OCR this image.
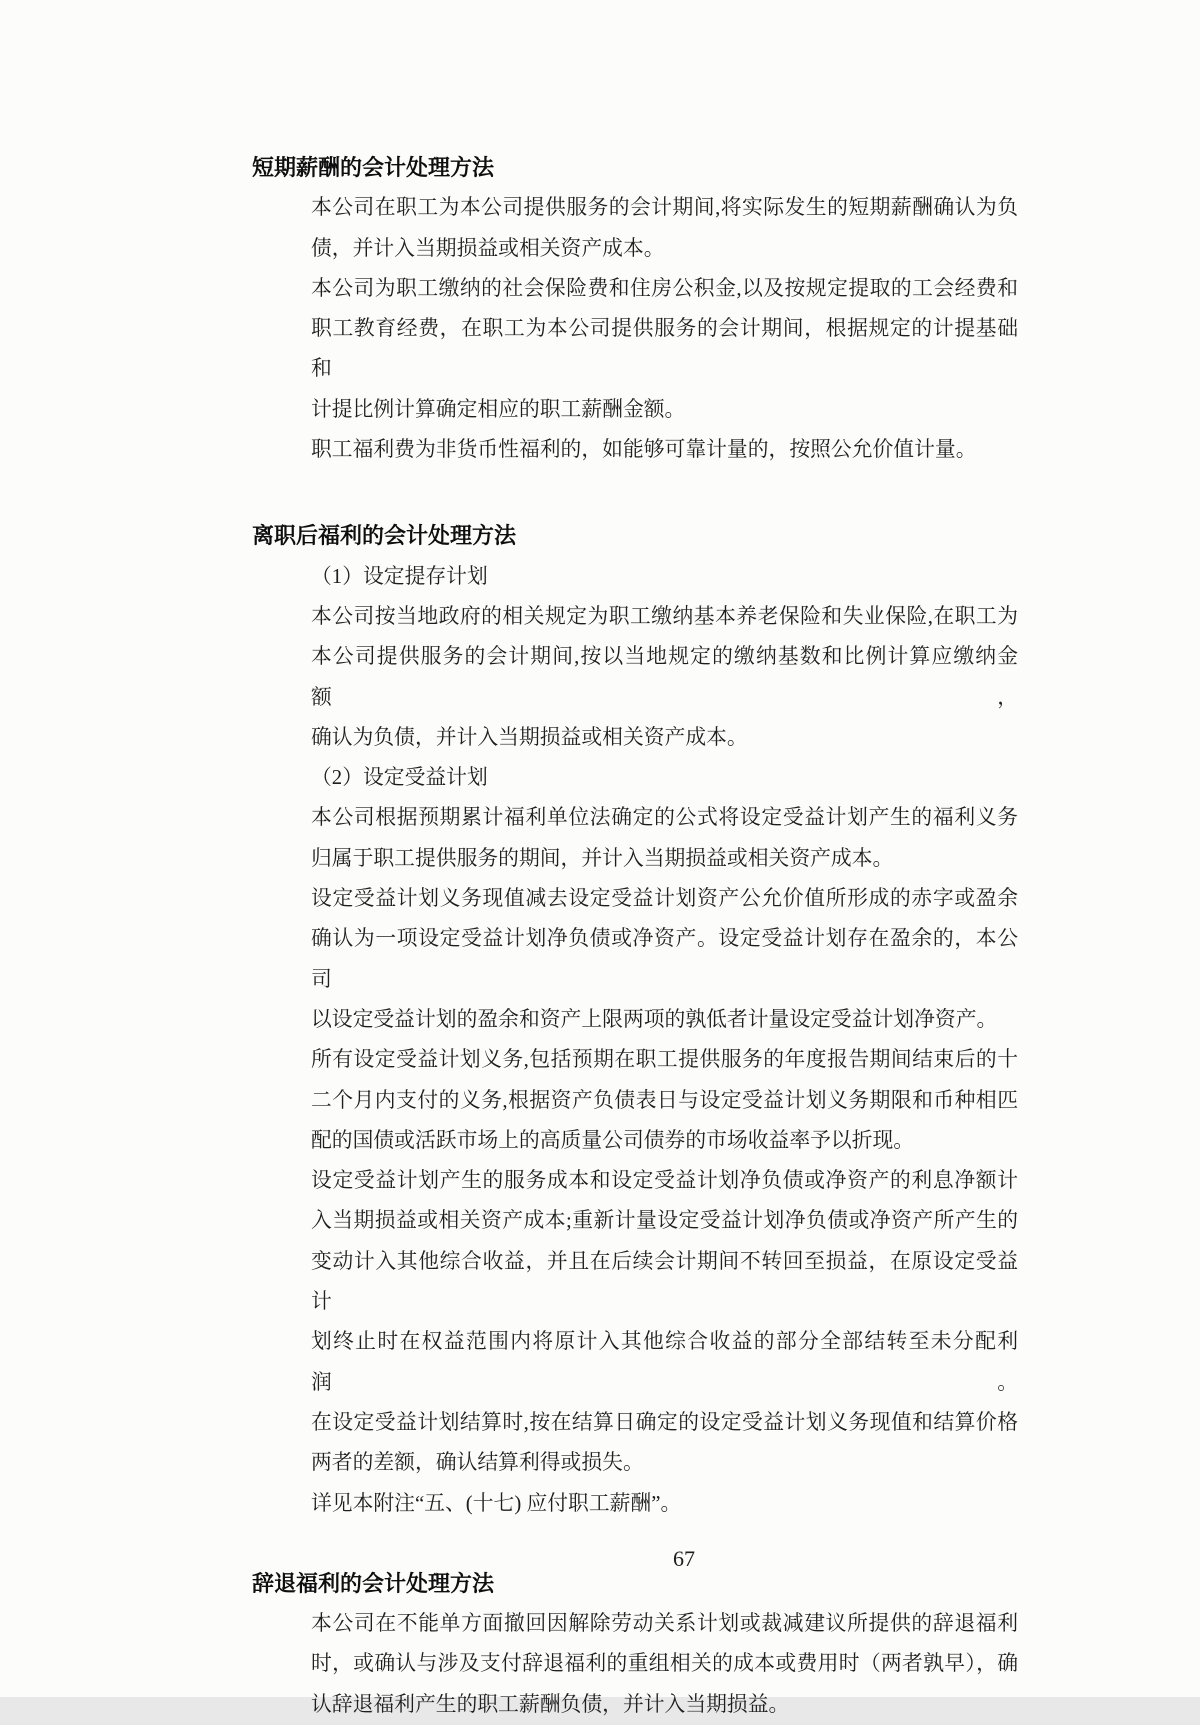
短期薪酬的会计处理方法
本公司在职工为本公司提供服务的会计期间,将实际发生的短期薪酬确认为负
债，并计入当期损益或相关资产成本。
本公司为职工缴纳的社会保险费和住房公积金,以及按规定提取的工会经费和
职工教育经费，在职工为本公司提供服务的会计期间，根据规定的计提基础和
计提比例计算确定相应的职工薪酬金额。
职工福利费为非货币性福利的，如能够可靠计量的，按照公允价值计量。
离职后福利的会计处理方法
（1）设定提存计划
本公司按当地政府的相关规定为职工缴纳基本养老保险和失业保险,在职工为
本公司提供服务的会计期间,按以当地规定的缴纳基数和比例计算应缴纳金额，
确认为负债，并计入当期损益或相关资产成本。
（2）设定受益计划
本公司根据预期累计福利单位法确定的公式将设定受益计划产生的福利义务
归属于职工提供服务的期间，并计入当期损益或相关资产成本。
设定受益计划义务现值减去设定受益计划资产公允价值所形成的赤字或盈余
确认为一项设定受益计划净负债或净资产。设定受益计划存在盈余的，本公司
以设定受益计划的盈余和资产上限两项的孰低者计量设定受益计划净资产。
所有设定受益计划义务,包括预期在职工提供服务的年度报告期间结束后的十
二个月内支付的义务,根据资产负债表日与设定受益计划义务期限和币种相匹
配的国债或活跃市场上的高质量公司债券的市场收益率予以折现。
设定受益计划产生的服务成本和设定受益计划净负债或净资产的利息净额计
入当期损益或相关资产成本;重新计量设定受益计划净负债或净资产所产生的
变动计入其他综合收益，并且在后续会计期间不转回至损益，在原设定受益计
划终止时在权益范围内将原计入其他综合收益的部分全部结转至未分配利润。
在设定受益计划结算时,按在结算日确定的设定受益计划义务现值和结算价格
两者的差额，确认结算利得或损失。
详见本附注“五、(十七) 应付职工薪酬”。
辞退福利的会计处理方法
本公司在不能单方面撤回因解除劳动关系计划或裁减建议所提供的辞退福利
时，或确认与涉及支付辞退福利的重组相关的成本或费用时（两者孰早），确
认辞退福利产生的职工薪酬负债，并计入当期损益。
67
